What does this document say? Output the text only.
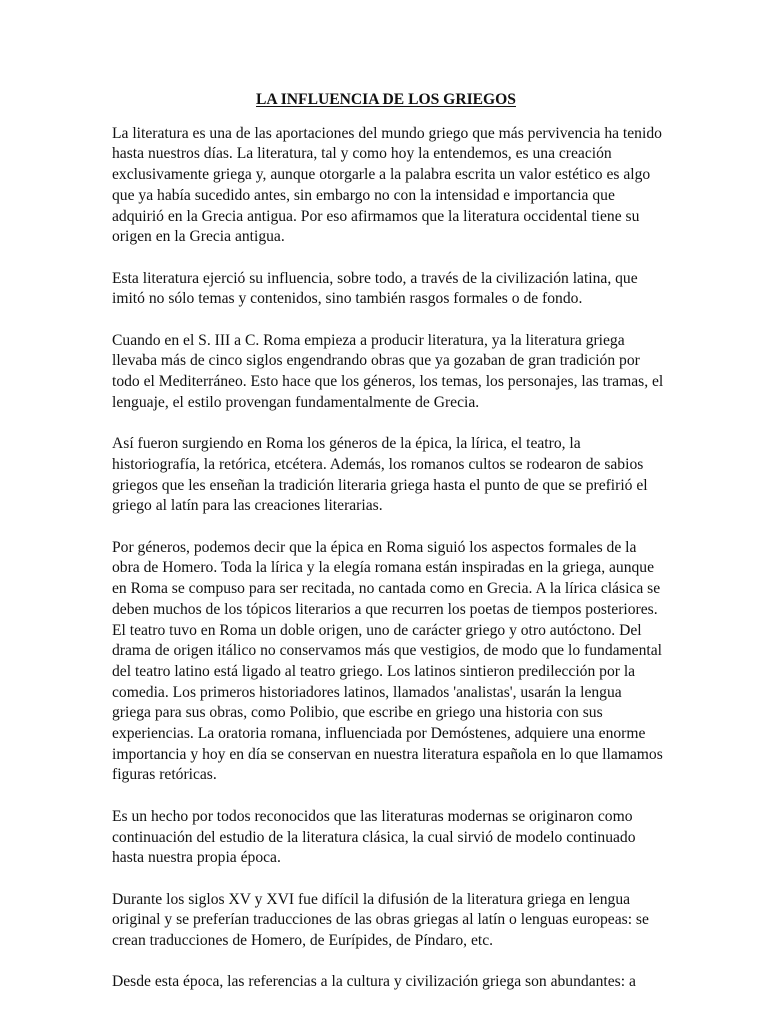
LA INFLUENCIA DE LOS GRIEGOS
La literatura es una de las aportaciones del mundo griego que más pervivencia ha tenido
hasta nuestros días. La literatura, tal y como hoy la entendemos, es una creación
exclusivamente griega y, aunque otorgarle a la palabra escrita un valor estético es algo
que ya había sucedido antes, sin embargo no con la intensidad e importancia que
adquirió en la Grecia antigua. Por eso afirmamos que la literatura occidental tiene su
origen en la Grecia antigua.
Esta literatura ejerció su influencia, sobre todo, a través de la civilización latina, que
imitó no sólo temas y contenidos, sino también rasgos formales o de fondo.
Cuando en el S. III a C. Roma empieza a producir literatura, ya la literatura griega
llevaba más de cinco siglos engendrando obras que ya gozaban de gran tradición por
todo el Mediterráneo. Esto hace que los géneros, los temas, los personajes, las tramas, el
lenguaje, el estilo provengan fundamentalmente de Grecia.
Así fueron surgiendo en Roma los géneros de la épica, la lírica, el teatro, la
historiografía, la retórica, etcétera. Además, los romanos cultos se rodearon de sabios
griegos que les enseñan la tradición literaria griega hasta el punto de que se prefirió el
griego al latín para las creaciones literarias.
Por géneros, podemos decir que la épica en Roma siguió los aspectos formales de la
obra de Homero. Toda la lírica y la elegía romana están inspiradas en la griega, aunque
en Roma se compuso para ser recitada, no cantada como en Grecia. A la lírica clásica se
deben muchos de los tópicos literarios a que recurren los poetas de tiempos posteriores.
El teatro tuvo en Roma un doble origen, uno de carácter griego y otro autóctono. Del
drama de origen itálico no conservamos más que vestigios, de modo que lo fundamental
del teatro latino está ligado al teatro griego. Los latinos sintieron predilección por la
comedia. Los primeros historiadores latinos, llamados 'analistas', usarán la lengua
griega para sus obras, como Polibio, que escribe en griego una historia con sus
experiencias. La oratoria romana, influenciada por Demóstenes, adquiere una enorme
importancia y hoy en día se conservan en nuestra literatura española en lo que llamamos
figuras retóricas.
Es un hecho por todos reconocidos que las literaturas modernas se originaron como
continuación del estudio de la literatura clásica, la cual sirvió de modelo continuado
hasta nuestra propia época.
Durante los siglos XV y XVI fue difícil la difusión de la literatura griega en lengua
original y se preferían traducciones de las obras griegas al latín o lenguas europeas: se
crean traducciones de Homero, de Eurípides, de Píndaro, etc.
Desde esta época, las referencias a la cultura y civilización griega son abundantes: a
